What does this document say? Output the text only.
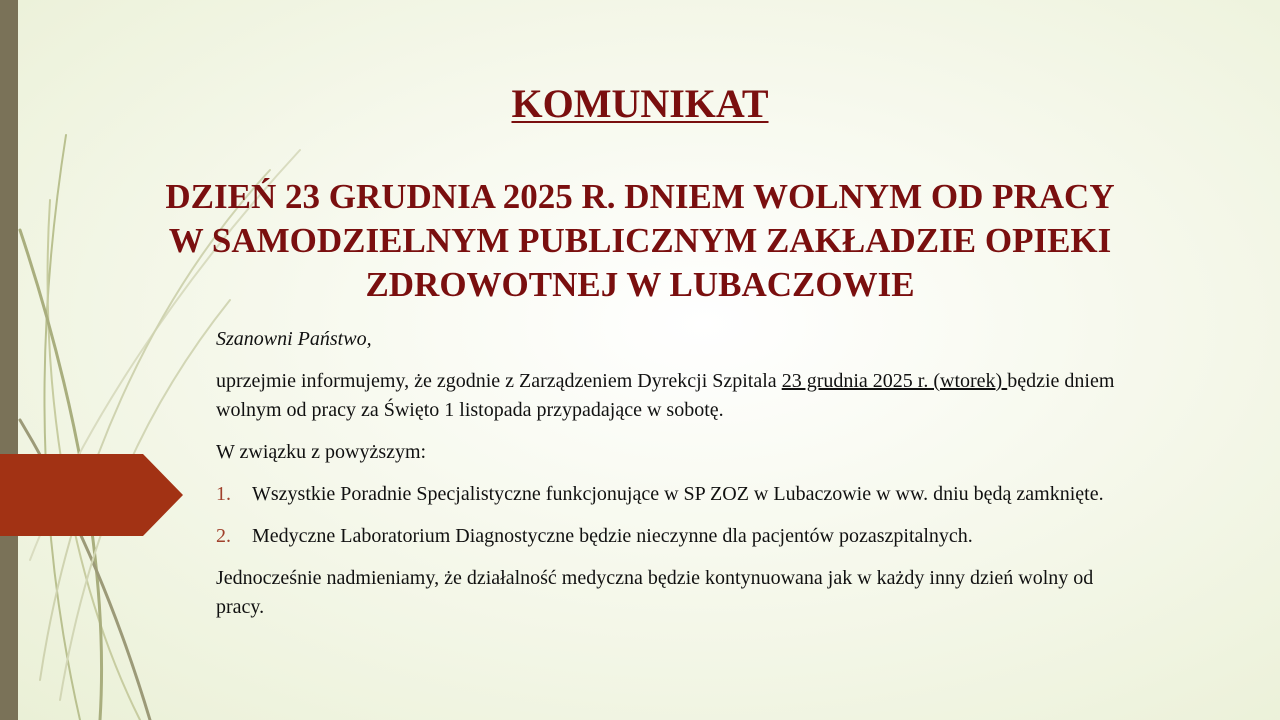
KOMUNIKAT
DZIEŃ 23 GRUDNIA 2025 R. DNIEM WOLNYM OD PRACY
W SAMODZIELNYM PUBLICZNYM ZAKŁADZIE OPIEKI
ZDROWOTNEJ W LUBACZOWIE

Szanowni Państwo,

uprzejmie informujemy, że zgodnie z Zarządzeniem Dyrekcji Szpitala 23 grudnia 2025 r. (wtorek) będzie dniem wolnym od pracy za Święto 1 listopada przypadające w sobotę.

W związku z powyższym:

1. Wszystkie Poradnie Specjalistyczne funkcjonujące w SP ZOZ w Lubaczowie w ww. dniu będą zamknięte.
2. Medyczne Laboratorium Diagnostyczne będzie nieczynne dla pacjentów pozaszpitalnych.

Jednocześnie nadmieniamy, że działalność medyczna będzie kontynuowana jak w każdy inny dzień wolny od pracy.
